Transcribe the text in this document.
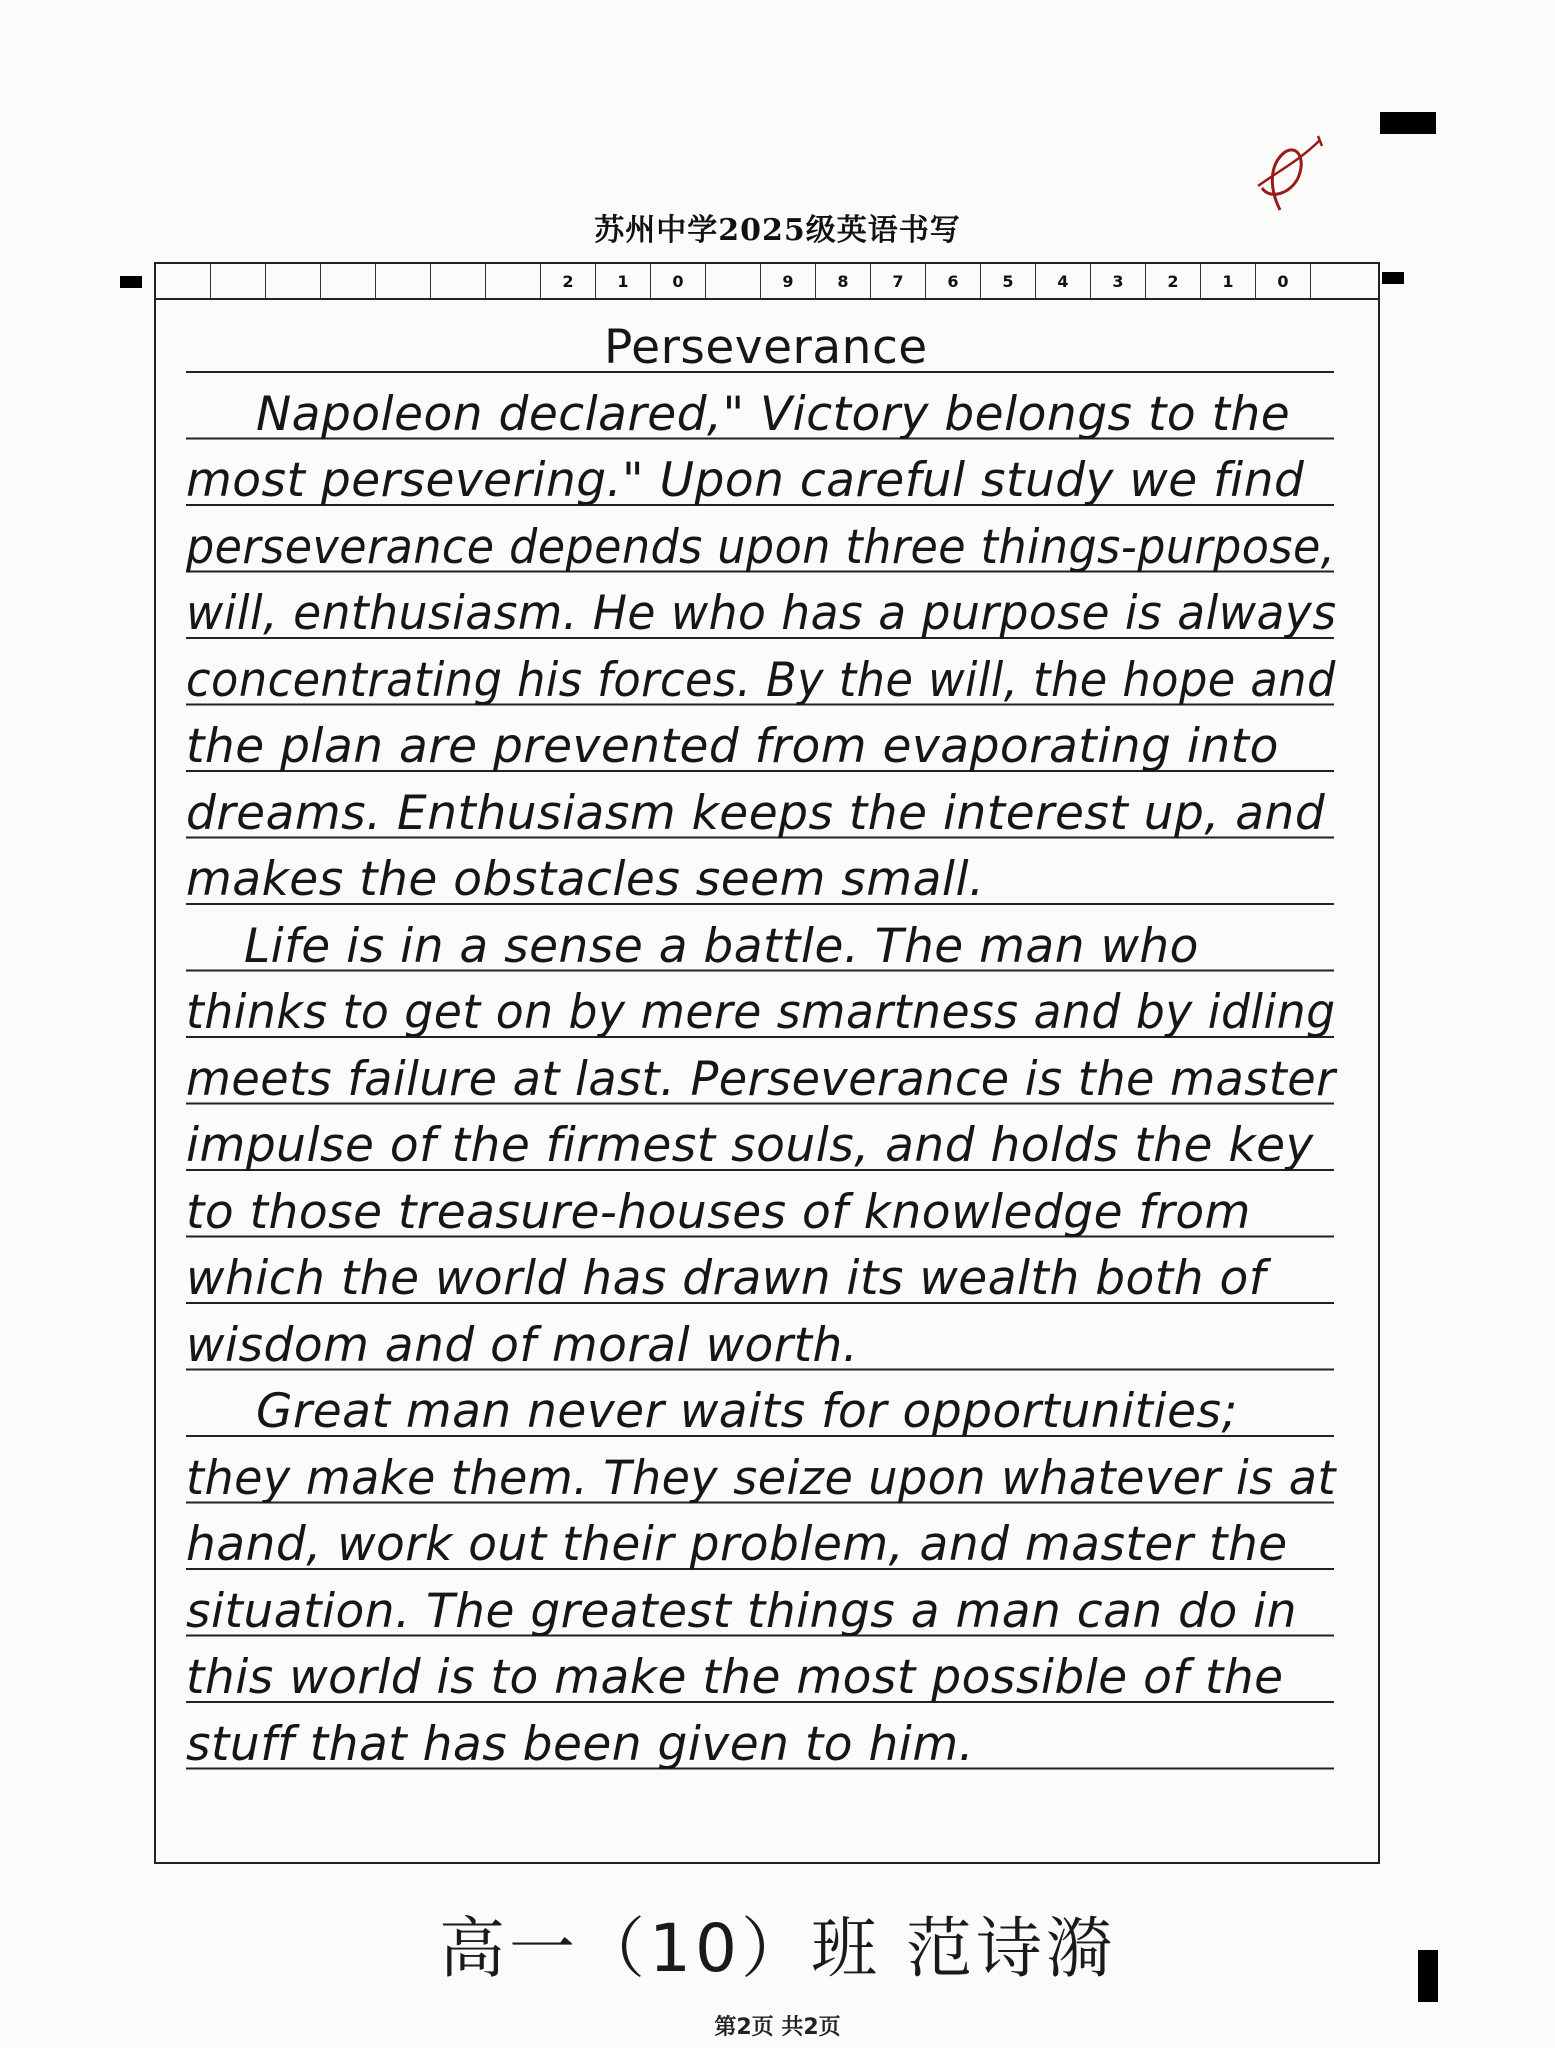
苏州中学2025级英语书写
2	1	0	9	8	7	6	5	4	3	2	1	0
Perseverance
Napoleon declared," Victory belongs to the
most persevering." Upon careful study we find
perseverance depends upon three things-purpose,
will, enthusiasm. He who has a purpose is always
concentrating his forces. By the will, the hope and
the plan are prevented from evaporating into
dreams. Enthusiasm keeps the interest up, and
makes the obstacles seem small.
Life is in a sense a battle. The man who
thinks to get on by mere smartness and by idling
meets failure at last. Perseverance is the master
impulse of the firmest souls, and holds the key
to those treasure-houses of knowledge from
which the world has drawn its wealth both of
wisdom and of moral worth.
Great man never waits for opportunities;
they make them. They seize upon whatever is at
hand, work out their problem, and master the
situation. The greatest things a man can do in
this world is to make the most possible of the
stuff that has been given to him.
高一（10）班 范诗漪
第2页 共2页
